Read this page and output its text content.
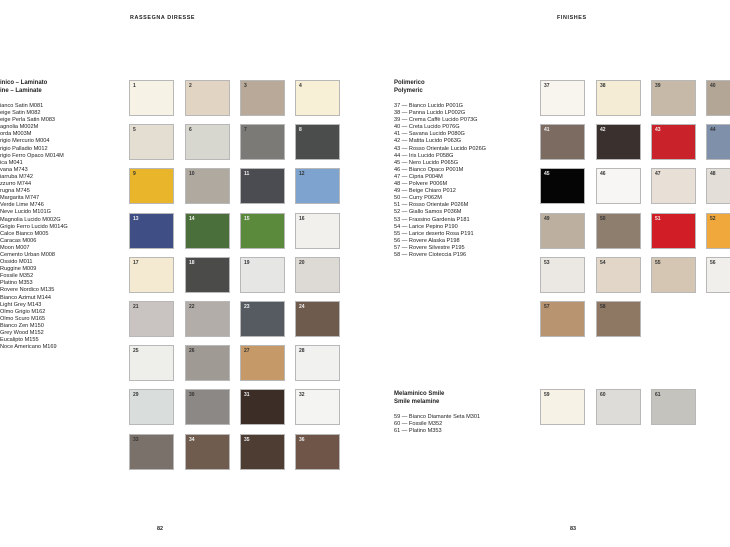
RASSEGNA DIRESSE	FINISHES
inico – Laminato
ine – Laminate
ianco Satin M081
eige Satin M082
eige Perla Satin M083
agnolia M002M
orda M003M
rigio Mercurio M004
rigio Palladio M012
rigio Ferro Opaco M014M
ica M041
vana M743
iarruba M742
zzurro M744
rugna M745
Margarita M747
Verde Lime M746
Neve Lucido M101G
Magnolia Lucido M002G
Grigio Ferro Lucido M014G
Calce Bianco M005
Caracas M006
Moon M007
Cemento Urban M008
Ossido M011
Ruggine M009
Fossile M352
Platino M353
Rovere Nordico M135
Bianco Azimut M144
Light Grey M143
Olmo Grigio M162
Olmo Scuro M165
Bianco Zen M150
Grey Wood M152
Eucalipto M155
Noce Americano M169
1	2	3	4
5	6	7	8
9	10	11	12
13	14	15	16
17	18	19	20
21	22	23	24
25	26	27	28
29	30	31	32
33	34	35	36
Polimerico
Polymeric
37 — Bianco Lucido P001G
38 — Panna Lucido LP002G
39 — Crema Caffè Lucido P073G
40 — Creta Lucido P076G
41 — Savana Lucido P080G
42 — Matita Lucido P063G
43 — Rosso Orientale Lucido P026G
44 — Iris Lucido P058G
45 — Nero Lucido P065G
46 — Bianco Opaco P001M
47 — Cipria P004M
48 — Polvere P006M
49 — Beige Chiaro P012
50 — Curry P062M
51 — Rosso Orientale P026M
52 — Giallo Samos P036M
53 — Frassino Gardenia P181
54 — Larice Pepino P190
55 — Larice deserto Rosa P191
56 — Rovere Alaska P198
57 — Rovere Silvestre P195
58 — Rovere Cioteccia P196
Melaminico Smile
Smile melamine
59 — Bianco Diamante Seta M301
60 — Fossile M352
61 — Platino M353
37	38	39	40
41	42	43	44
45	46	47	48
49	50	51	52
53	54	55	56
57	58
59	60	61
82	83
